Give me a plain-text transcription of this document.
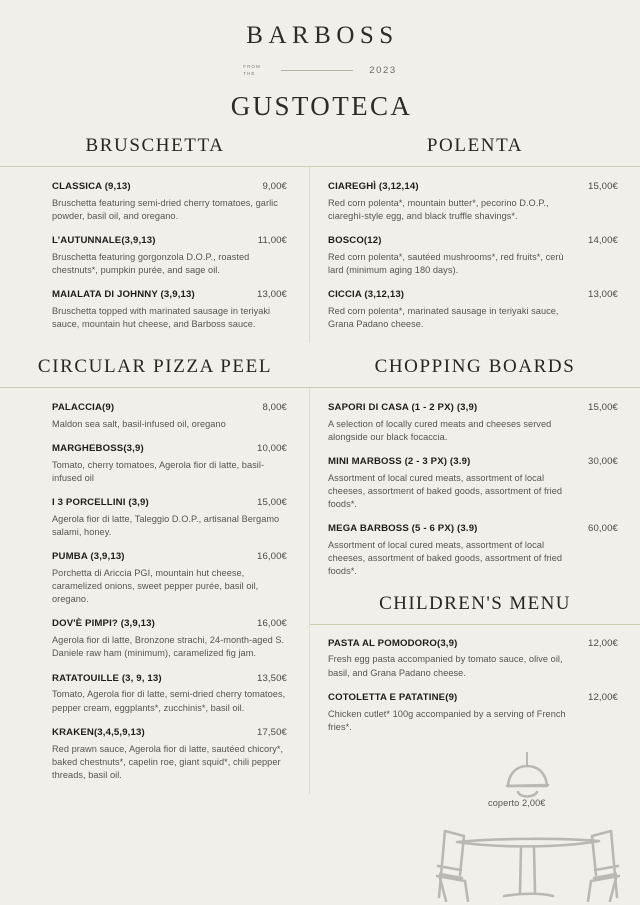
BARBOSS
FROM
THE	2023
GUSTOTECA
BRUSCHETTA	POLENTA
CLASSICA (9,13)	9,00€
Bruschetta featuring semi-dried cherry tomatoes, garlic powder, basil oil, and oregano.
L’AUTUNNALE(3,9,13)	11,00€
Bruschetta featuring gorgonzola D.O.P., roasted chestnuts*, pumpkin purée, and sage oil.
MAIALATA DI JOHNNY (3,9,13)	13,00€
Bruschetta topped with marinated sausage in teriyaki sauce, mountain hut cheese, and Barboss sauce.
CIAREGHÌ (3,12,14)	15,00€
Red corn polenta*, mountain butter*, pecorino D.O.P., ciareghì-style egg, and black truffle shavings*.
BOSCO(12)	14,00€
Red corn polenta*, sautéed mushrooms*, red fruits*, cerù lard (minimum aging 180 days).
CICCIA (3,12,13)	13,00€
Red corn polenta*, marinated sausage in teriyaki sauce, Grana Padano cheese.
CIRCULAR PIZZA PEEL	CHOPPING BOARDS
PALACCIA(9)	8,00€
Maldon sea salt, basil-infused oil, oregano
MARGHEBOSS(3,9)	10,00€
Tomato, cherry tomatoes, Agerola fior di latte, basil-infused oil
I 3 PORCELLINI (3,9)	15,00€
Agerola fior di latte, Taleggio D.O.P., artisanal Bergamo salami, honey.
PUMBA (3,9,13)	16,00€
Porchetta di Ariccia PGI, mountain hut cheese, caramelized onions, sweet pepper purée, basil oil, oregano.
DOV'È PIMPI? (3,9,13)	16,00€
Agerola fior di latte, Bronzone strachi, 24-month-aged S. Daniele raw ham (minimum), caramelized fig jam.
RATATOUILLE (3, 9, 13)	13,50€
Tomato, Agerola fior di latte, semi-dried cherry tomatoes, pepper cream, eggplants*, zucchinis*, basil oil.
KRAKEN(3,4,5,9,13)	17,50€
Red prawn sauce, Agerola fior di latte, sautéed chicory*, baked chestnuts*, capelin roe, giant squid*, chili pepper threads, basil oil.
SAPORI DI CASA (1 - 2 PX) (3,9)	15,00€
A selection of locally cured meats and cheeses served alongside our black focaccia.
MINI MARBOSS (2 - 3 PX) (3.9)	30,00€
Assortment of local cured meats, assortment of local cheeses, assortment of baked goods, assortment of fried foods*.
MEGA BARBOSS (5 - 6 PX) (3.9)	60,00€
Assortment of local cured meats, assortment of local cheeses, assortment of baked goods, assortment of fried foods*.
CHILDREN'S MENU
PASTA AL POMODORO(3,9)	12,00€
Fresh egg pasta accompanied by tomato sauce, olive oil, basil, and Grana Padano cheese.
COTOLETTA E PATATINE(9)	12,00€
Chicken cutlet* 100g accompanied by a serving of French fries*.
coperto 2,00€
